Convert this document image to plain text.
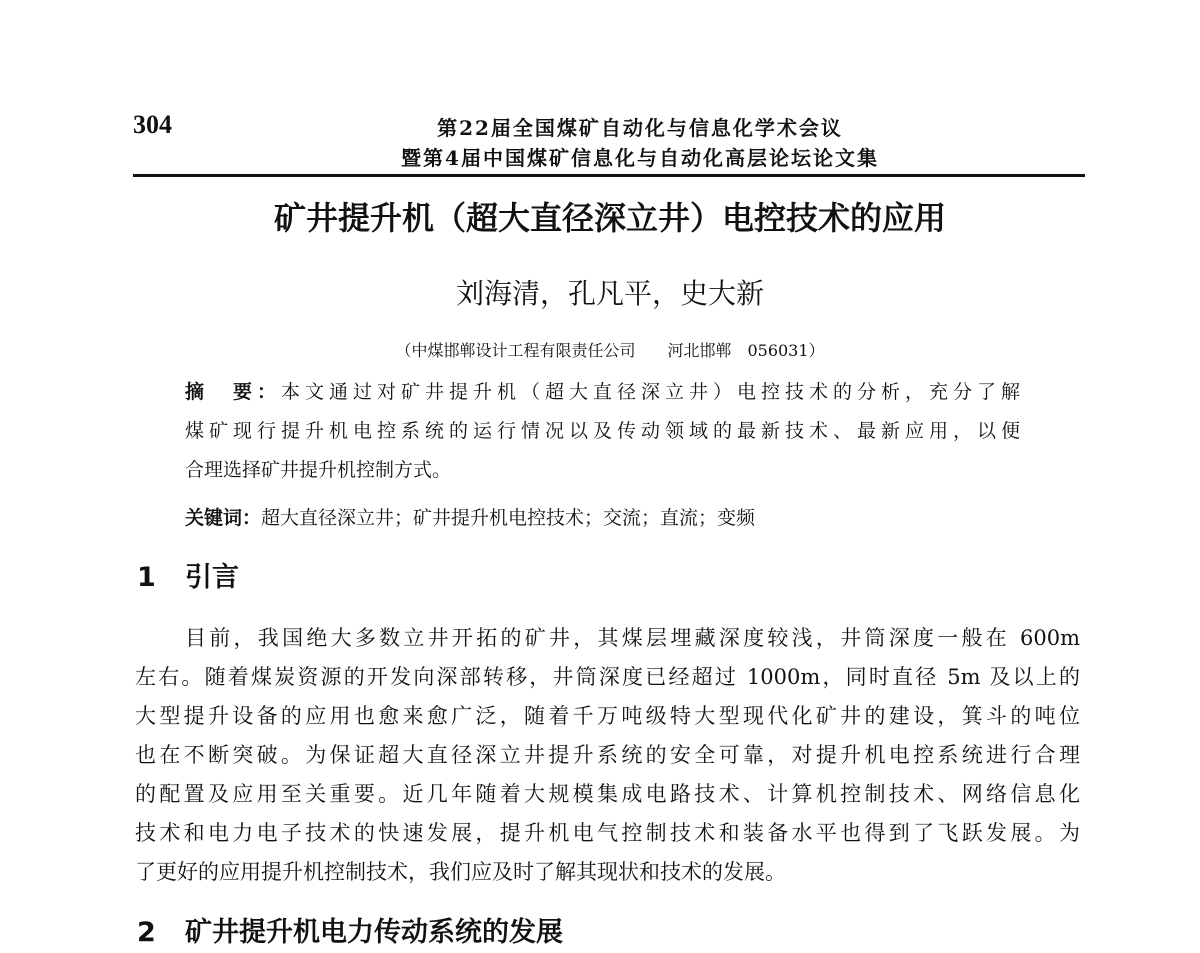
304	第22届全国煤矿自动化与信息化学术会议
暨第4届中国煤矿信息化与自动化高层论坛论文集
矿井提升机（超大直径深立井）电控技术的应用
刘海清，孔凡平，史大新
（中煤邯郸设计工程有限责任公司　　河北邯郸　056031）
摘　要：本文通过对矿井提升机（超大直径深立井）电控技术的分析，充分了解
煤矿现行提升机电控系统的运行情况以及传动领域的最新技术、最新应用，以便
合理选择矿井提升机控制方式。
关键词：超大直径深立井；矿井提升机电控技术；交流；直流；变频
1 引言
目前，我国绝大多数立井开拓的矿井，其煤层埋藏深度较浅，井筒深度一般在 600m
左右。随着煤炭资源的开发向深部转移，井筒深度已经超过 1000m，同时直径 5m 及以上的
大型提升设备的应用也愈来愈广泛，随着千万吨级特大型现代化矿井的建设，箕斗的吨位
也在不断突破。为保证超大直径深立井提升系统的安全可靠，对提升机电控系统进行合理
的配置及应用至关重要。近几年随着大规模集成电路技术、计算机控制技术、网络信息化
技术和电力电子技术的快速发展，提升机电气控制技术和装备水平也得到了飞跃发展。为
了更好的应用提升机控制技术，我们应及时了解其现状和技术的发展。
2 矿井提升机电力传动系统的发展
